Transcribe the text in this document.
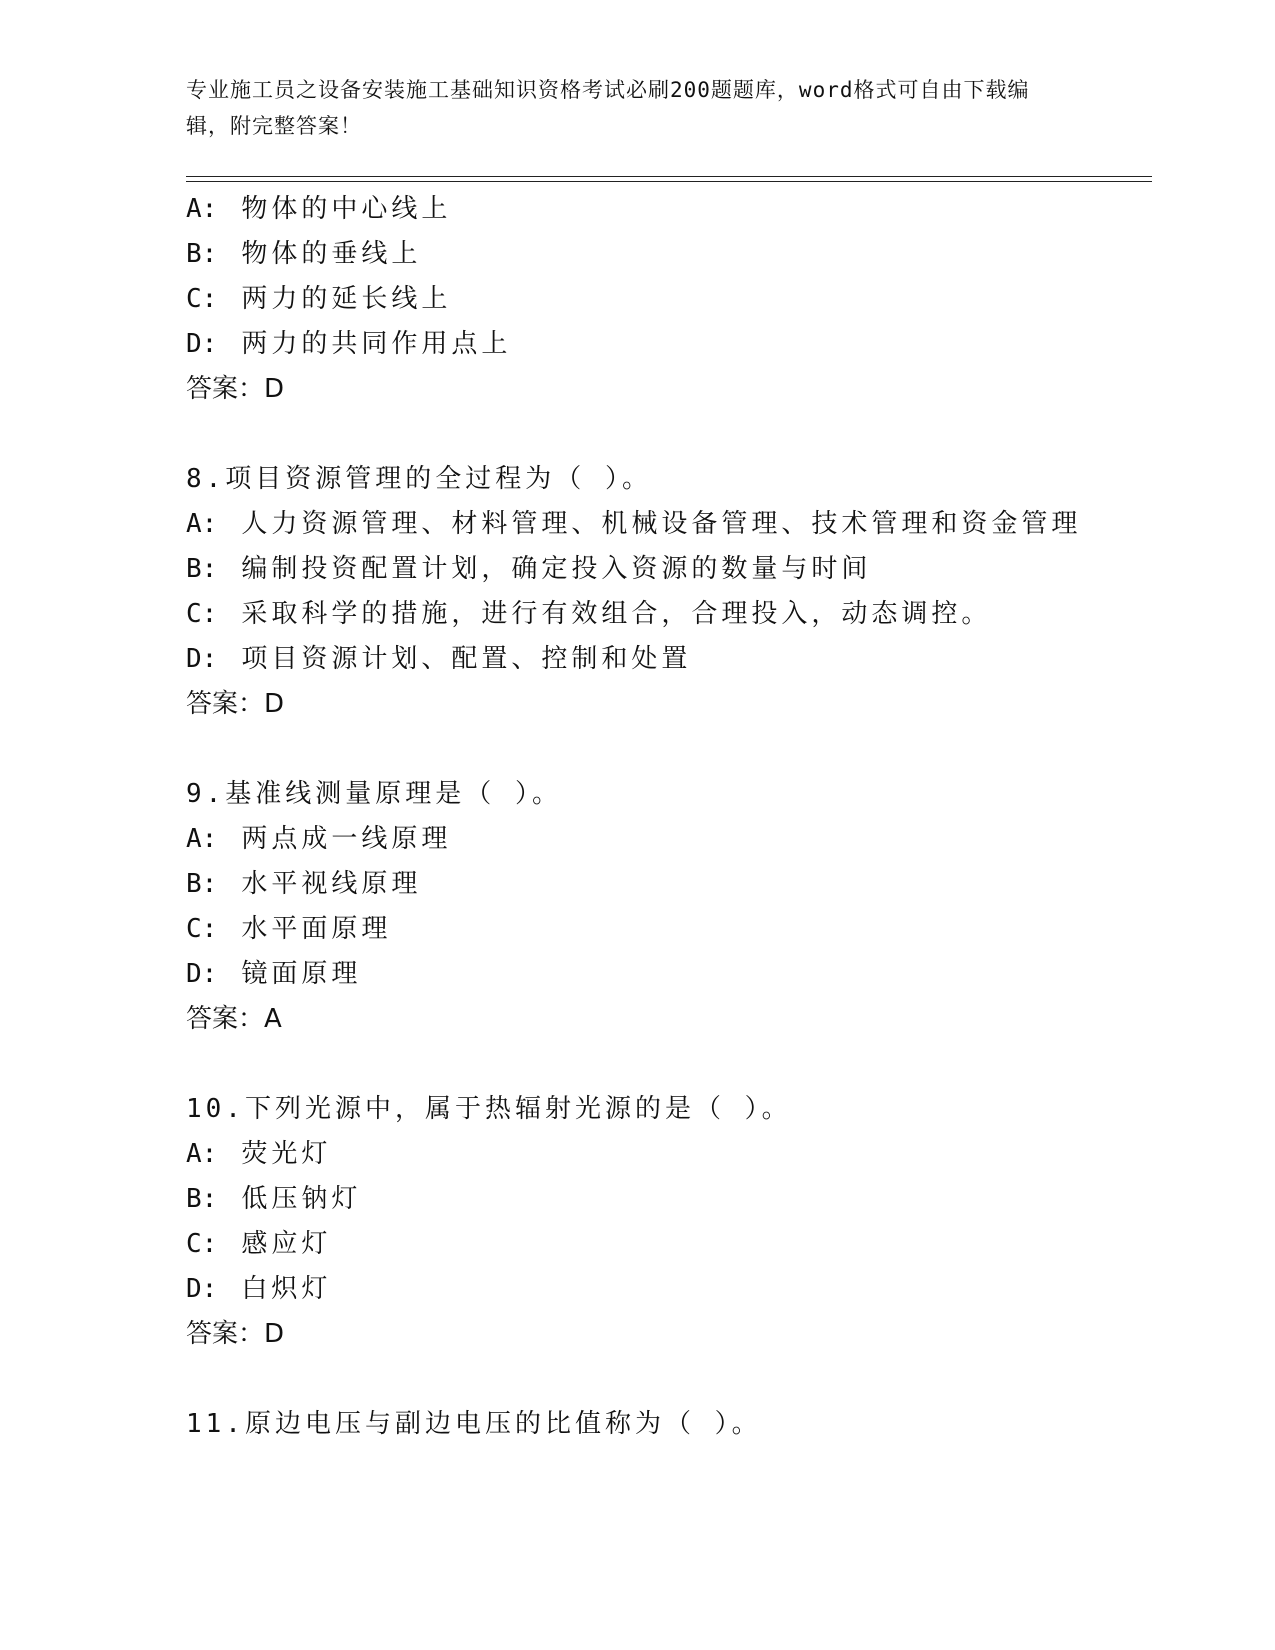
专业施工员之设备安装施工基础知识资格考试必刷200题题库，word格式可自由下载编辑，附完整答案！
A: 物体的中心线上
B: 物体的垂线上
C: 两力的延长线上
D: 两力的共同作用点上
答案：D
8.项目资源管理的全过程为（ ）。
A: 人力资源管理、材料管理、机械设备管理、技术管理和资金管理
B: 编制投资配置计划，确定投入资源的数量与时间
C: 采取科学的措施，进行有效组合，合理投入，动态调控。
D: 项目资源计划、配置、控制和处置
答案：D
9.基准线测量原理是（ ）。
A: 两点成一线原理
B: 水平视线原理
C: 水平面原理
D: 镜面原理
答案：A
10.下列光源中，属于热辐射光源的是（ ）。
A: 荧光灯
B: 低压钠灯
C: 感应灯
D: 白炽灯
答案：D
11.原边电压与副边电压的比值称为（ ）。
